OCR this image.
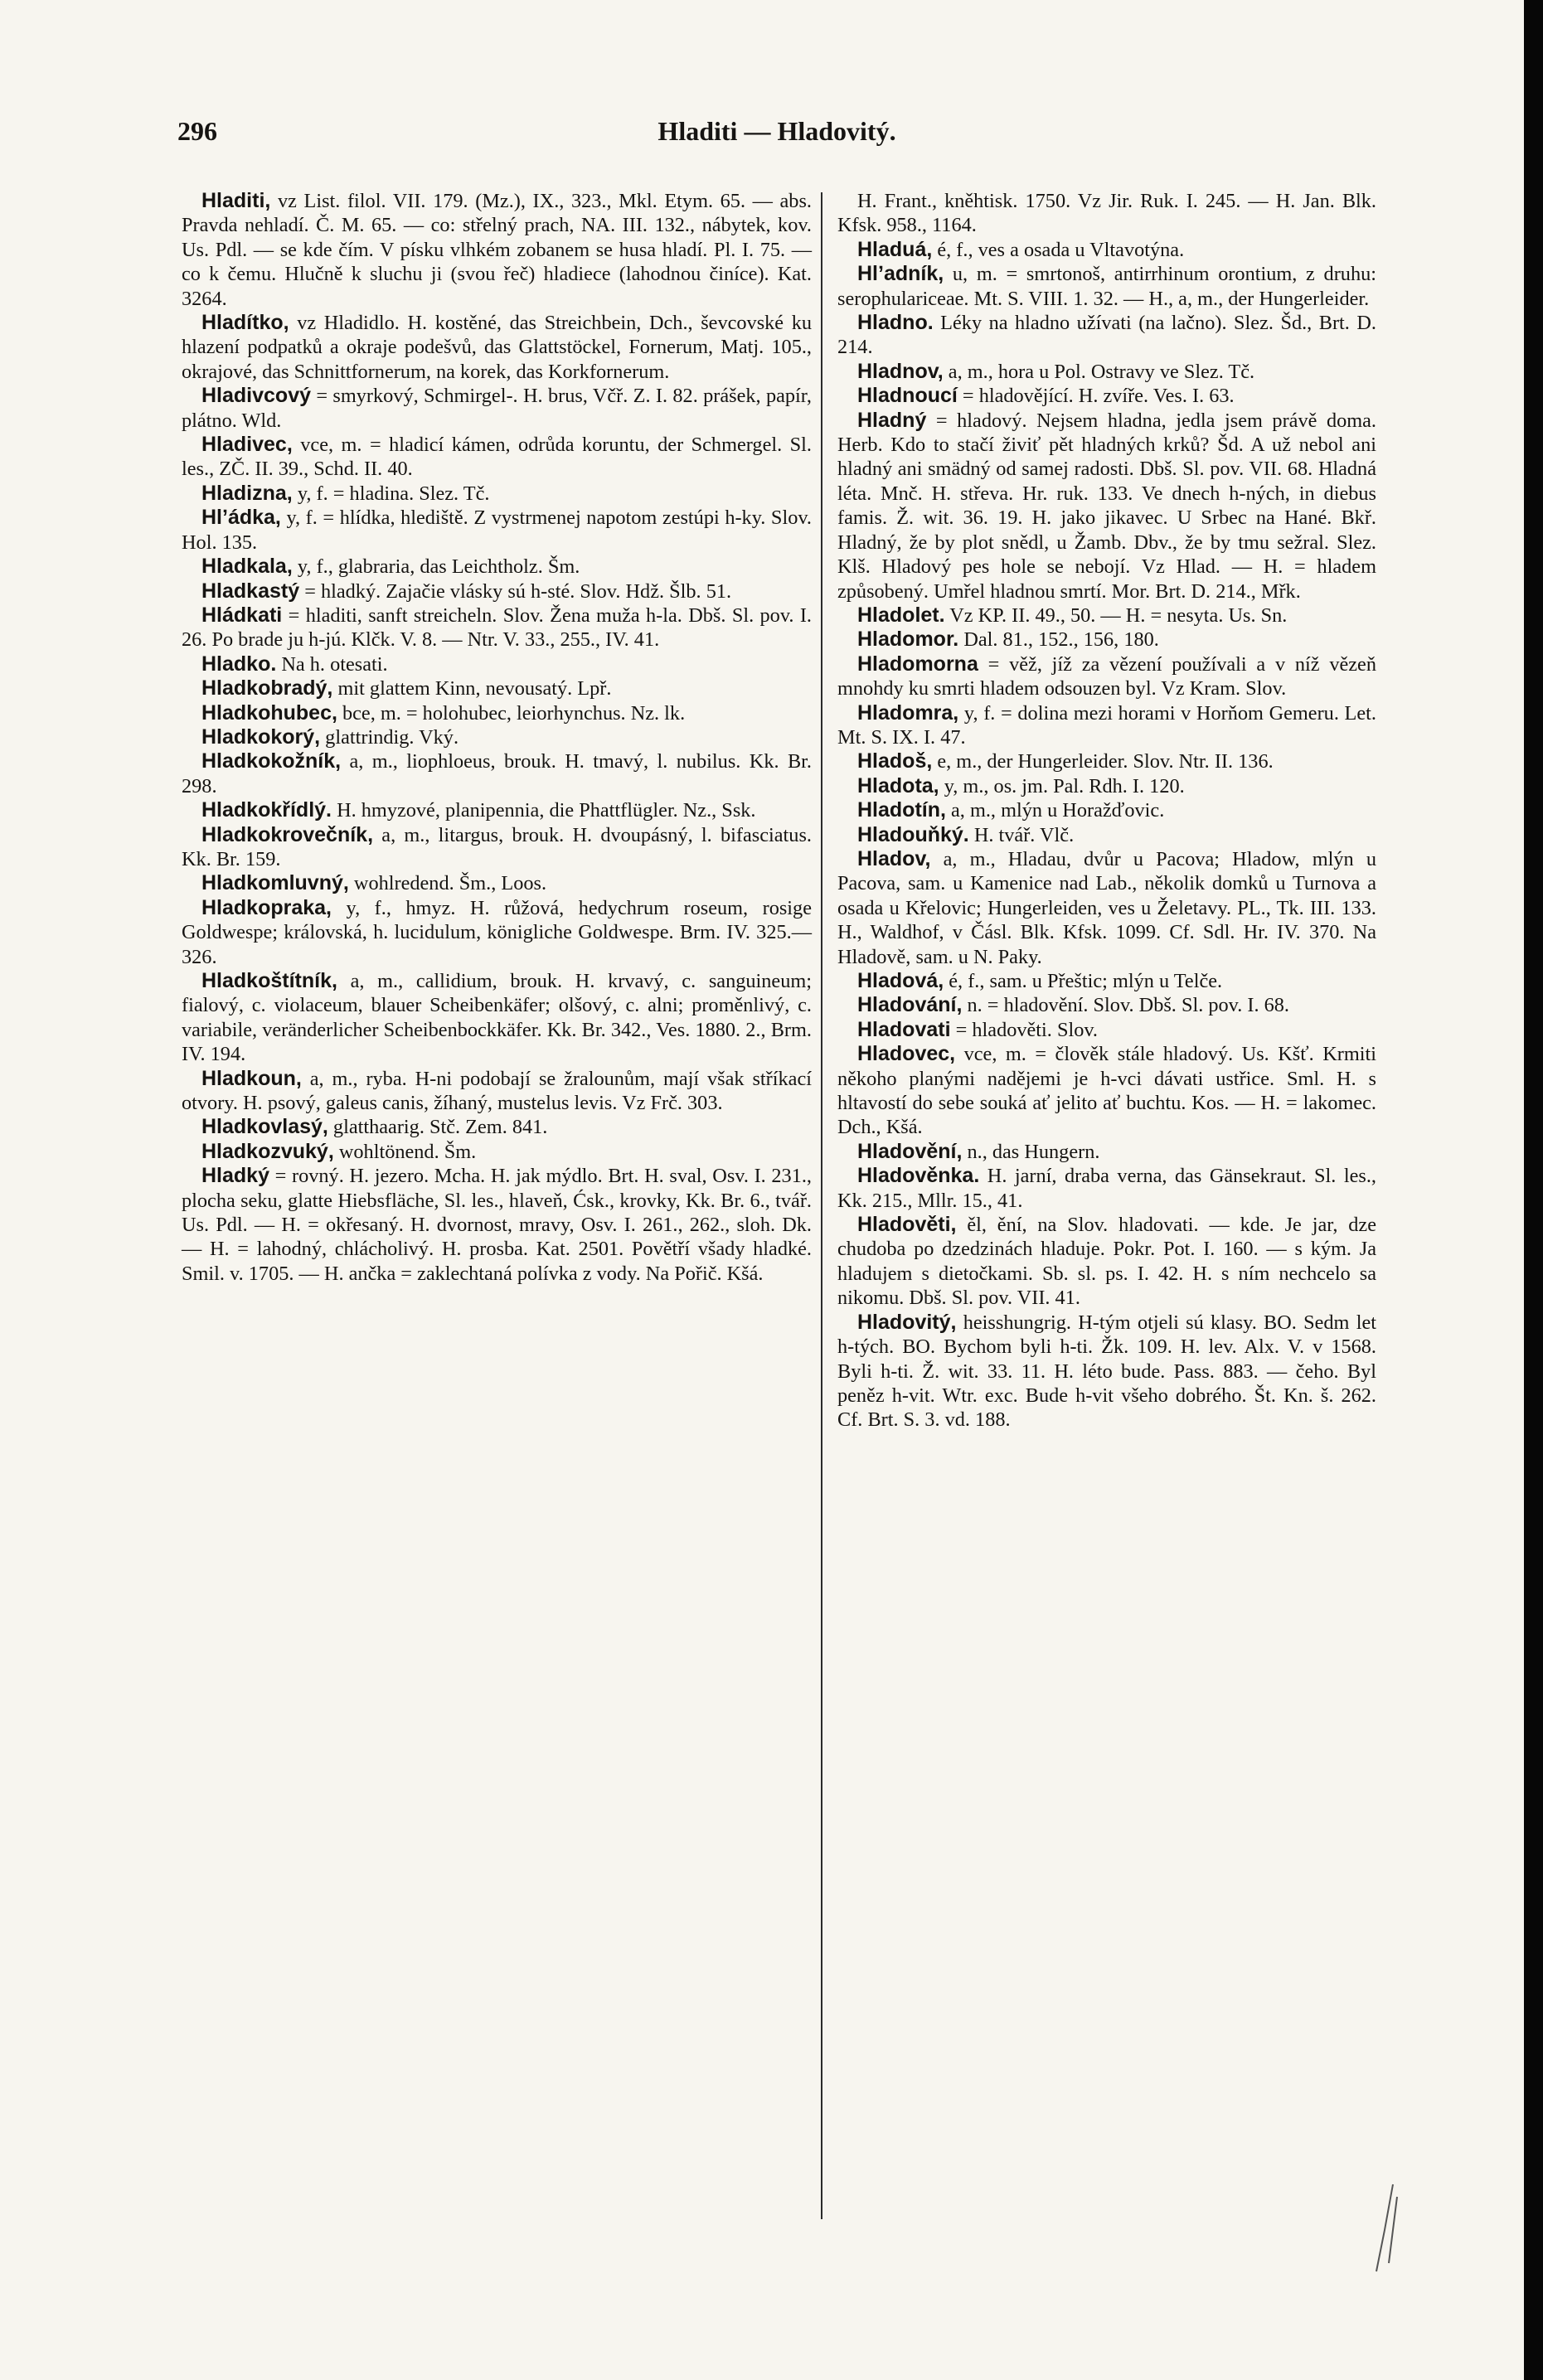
296	Hladiti — Hladovitý.

Hladiti, vz List. filol. VII. 179. (Mz.), IX., 323., Mkl. Etym. 65. — abs. Pravda nehladí. Č. M. 65. — co: střelný prach, NA. III. 132., nábytek, kov. Us. Pdl. — se kde čím. V písku vlhkém zobanem se husa hladí. Pl. I. 75. — co k čemu. Hlučně k sluchu ji (svou řeč) hladiece (lahodnou činíce). Kat. 3264.

Hladítko, vz Hladidlo. H. kostěné, das Streichbein, Dch., ševcovské ku hlazení podpatků a okraje podešvů, das Glattstöckel, Fornerum, Matj. 105., okrajové, das Schnittfornerum, na korek, das Korkfornerum.

Hladivcový = smyrkový, Schmirgel-. H. brus, Včř. Z. I. 82. prášek, papír, plátno. Wld.

Hladivec, vce, m. = hladicí kámen, odrůda koruntu, der Schmergel. Sl. les., ZČ. II. 39., Schd. II. 40.

Hladizna, y, f. = hladina. Slez. Tč.

Hlʼádka, y, f. = hlídka, hlediště. Z vystrmenej napotom zestúpi h-ky. Slov. Hol. 135.

Hladkala, y, f., glabraria, das Leichtholz. Šm.

Hladkastý = hladký. Zajačie vlásky sú h-sté. Slov. Hdž. Šlb. 51.

Hládkati = hladiti, sanft streicheln. Slov. Žena muža h-la. Dbš. Sl. pov. I. 26. Po brade ju h-jú. Klčk. V. 8. — Ntr. V. 33., 255., IV. 41.

Hladko. Na h. otesati.

Hladkobradý, mit glattem Kinn, nevousatý. Lpř.

Hladkohubec, bce, m. = holohubec, leiorhynchus. Nz. lk.

Hladkokorý, glattrindig. Vký.

Hladkokožník, a, m., liophloeus, brouk. H. tmavý, l. nubilus. Kk. Br. 298.

Hladkokřídlý. H. hmyzové, planipennia, die Phattflügler. Nz., Ssk.

Hladkokrovečník, a, m., litargus, brouk. H. dvoupásný, l. bifasciatus. Kk. Br. 159.

Hladkomluvný, wohlredend. Šm., Loos.

Hladkopraka, y, f., hmyz. H. růžová, hedychrum roseum, rosige Goldwespe; královská, h. lucidulum, königliche Goldwespe. Brm. IV. 325.—326.

Hladkoštítník, a, m., callidium, brouk. H. krvavý, c. sanguineum; fialový, c. violaceum, blauer Scheibenkäfer; olšový, c. alni; proměnlivý, c. variabile, veränderlicher Scheibenbockkäfer. Kk. Br. 342., Ves. 1880. 2., Brm. IV. 194.

Hladkoun, a, m., ryba. H-ni podobají se žralounům, mají však stříkací otvory. H. psový, galeus canis, žíhaný, mustelus levis. Vz Frč. 303.

Hladkovlasý, glatthaarig. Stč. Zem. 841.

Hladkozvuký, wohltönend. Šm.

Hladký = rovný. H. jezero. Mcha. H. jak mýdlo. Brt. H. sval, Osv. I. 231., plocha seku, glatte Hiebsfläche, Sl. les., hlaveň, Ćsk., krovky, Kk. Br. 6., tvář. Us. Pdl. — H. = okřesaný. H. dvornost, mravy, Osv. I. 261., 262., sloh. Dk. — H. = lahodný, chlácholivý. H. prosba. Kat. 2501. Povětří všady hladké. Smil. v. 1705. — H. ančka = zaklechtaná polívka z vody. Na Pořič. Kšá.

H. Frant., kněhtisk. 1750. Vz Jir. Ruk. I. 245. — H. Jan. Blk. Kfsk. 958., 1164.

Hladuá, é, f., ves a osada u Vltavotýna.

Hlʼadník, u, m. = smrtonoš, antirrhinum orontium, z druhu: serophulariceae. Mt. S. VIII. 1. 32. — H., a, m., der Hungerleider.

Hladno. Léky na hladno užívati (na lačno). Slez. Šd., Brt. D. 214.

Hladnov, a, m., hora u Pol. Ostravy ve Slez. Tč.

Hladnoucí = hladovějící. H. zvíře. Ves. I. 63.

Hladný = hladový. Nejsem hladna, jedla jsem právě doma. Herb. Kdo to stačí živiť pět hladných krků? Šd. A už nebol ani hladný ani smädný od samej radosti. Dbš. Sl. pov. VII. 68. Hladná léta. Mnč. H. střeva. Hr. ruk. 133. Ve dnech h-ných, in diebus famis. Ž. wit. 36. 19. H. jako jikavec. U Srbec na Hané. Bkř. Hladný, že by plot snědl, u Žamb. Dbv., že by tmu sežral. Slez. Klš. Hladový pes hole se nebojí. Vz Hlad. — H. = hladem způsobený. Umřel hladnou smrtí. Mor. Brt. D. 214., Mřk.

Hladolet. Vz KP. II. 49., 50. — H. = nesyta. Us. Sn.

Hladomor. Dal. 81., 152., 156, 180.

Hladomorna = věž, jíž za vězení používali a v níž vězeň mnohdy ku smrti hladem odsouzen byl. Vz Kram. Slov.

Hladomra, y, f. = dolina mezi horami v Horňom Gemeru. Let. Mt. S. IX. I. 47.

Hladoš, e, m., der Hungerleider. Slov. Ntr. II. 136.

Hladota, y, m., os. jm. Pal. Rdh. I. 120.

Hladotín, a, m., mlýn u Horažďovic.

Hladouňký. H. tvář. Vlč.

Hladov, a, m., Hladau, dvůr u Pacova; Hladow, mlýn u Pacova, sam. u Kamenice nad Lab., několik domků u Turnova a osada u Křelovic; Hungerleiden, ves u Želetavy. PL., Tk. III. 133. H., Waldhof, v Čásl. Blk. Kfsk. 1099. Cf. Sdl. Hr. IV. 370. Na Hladově, sam. u N. Paky.

Hladová, é, f., sam. u Přeštic; mlýn u Telče.

Hladování, n. = hladovění. Slov. Dbš. Sl. pov. I. 68.

Hladovati = hladověti. Slov.

Hladovec, vce, m. = člověk stále hladový. Us. Kšť. Krmiti někoho planými nadějemi je h-vci dávati ustřice. Sml. H. s hltavostí do sebe souká ať jelito ať buchtu. Kos. — H. = lakomec. Dch., Kšá.

Hladovění, n., das Hungern.

Hladověnka. H. jarní, draba verna, das Gänsekraut. Sl. les., Kk. 215., Mllr. 15., 41.

Hladověti, ěl, ění, na Slov. hladovati. — kde. Je jar, dze chudoba po dzedzinách hladuje. Pokr. Pot. I. 160. — s kým. Ja hladujem s dietočkami. Sb. sl. ps. I. 42. H. s ním nechcelo sa nikomu. Dbš. Sl. pov. VII. 41.

Hladovitý, heisshungrig. H-tým otjeli sú klasy. BO. Sedm let h-tých. BO. Bychom byli h-ti. Žk. 109. H. lev. Alx. V. v 1568. Byli h-ti. Ž. wit. 33. 11. H. léto bude. Pass. 883. — čeho. Byl peněz h-vit. Wtr. exc. Bude h-vit všeho dobrého. Št. Kn. š. 262. Cf. Brt. S. 3. vd. 188.
